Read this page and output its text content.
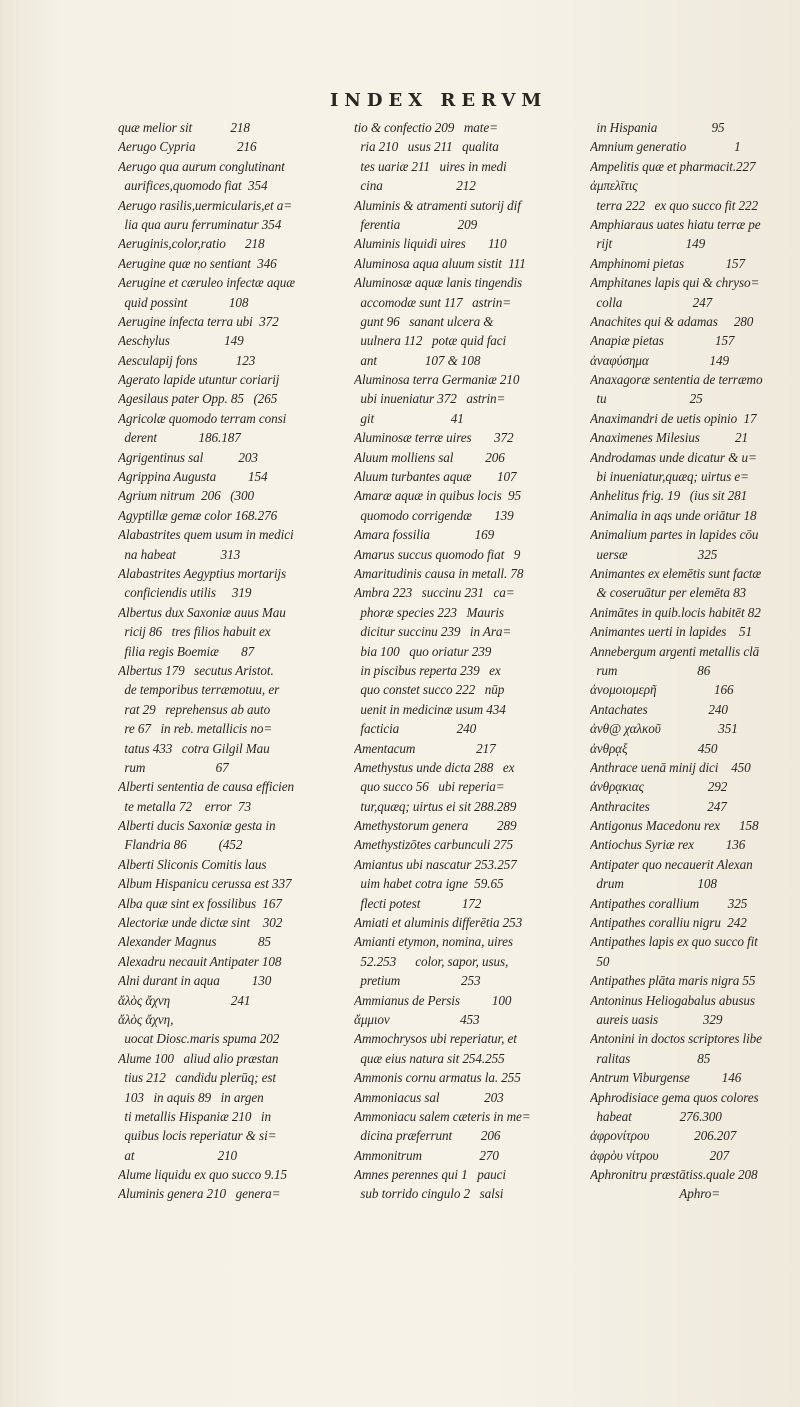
INDEX RERVM
quæ melior sit            218
Aerugo Cypria             216
Aerugo qua aurum conglutinant
aurifices,quomodo fiat  354
Aerugo rasilis,uermicularis,et a=
lia qua auru ferruminatur 354
Aeruginis,color,ratio      218
Aerugine quæ no sentiant  346
Aerugine et cæruleo infectæ aquæ
quid possint             108
Aerugine infecta terra ubi  372
Aeschylus                 149
Aesculapij fons            123
Agerato lapide utuntur coriarij
Agesilaus pater Opp. 85   (265
Agricolæ quomodo terram consi
derent             186.187
Agrigentinus sal           203
Agrippina Augusta          154
Agrium nitrum  206   (300
Agyptillæ gemæ color 168.276
Alabastrites quem usum in medici
na habeat              313
Alabastrites Aegyptius mortarijs
conficiendis utilis     319
Albertus dux Saxoniæ auus Mau
ricij 86   tres filios habuit ex
filia regis Boemiæ       87
Albertus 179   secutus Aristot.
de temporibus terræmotuu, er
rat 29   reprehensus ab auto
re 67   in reb. metallicis no=
tatus 433   cotra Gilgil Mau
rum                      67
Alberti sententia de causa efficien
te metalla 72    error  73
Alberti ducis Saxoniæ gesta in
Flandria 86          (452
Alberti Sliconis Comitis laus
Album Hispanicu cerussa est 337
Alba quæ sint ex fossilibus  167
Alectoriæ unde dictæ sint    302
Alexander Magnus             85
Alexadru necauit Antipater 108
Alni durant in aqua          130
ἄλὸς ἄχνη                   241
ἄλὸς ἄχνη,
uocat Diosc.maris spuma 202
Alume 100   aliud alio præstan
tius 212   candidu plerūq; est
103   in aquis 89   in argen
ti metallis Hispaniæ 210   in
quibus locis reperiatur & si=
at                          210
Alume liquidu ex quo succo 9.15
Aluminis genera 210   genera=
tio & confectio 209   mate=
ria 210   usus 211   qualita
tes uariæ 211   uires in medi
cina                       212
Aluminis & atramenti sutorij dif
ferentia                  209
Aluminis liquidi uires       110
Aluminosa aqua aluum sistit  111
Aluminosæ aquæ lanis tingendis
accomodæ sunt 117   astrin=
gunt 96   sanant ulcera &
uulnera 112   potæ quid faci
ant               107 & 108
Aluminosa terra Germaniæ 210
ubi inueniatur 372   astrin=
git                        41
Aluminosæ terræ uires       372
Aluum molliens sal          206
Aluum turbantes aquæ        107
Amaræ aquæ in quibus locis  95
quomodo corrigendæ       139
Amara fossilia              169
Amarus succus quomodo fiat   9
Amaritudinis causa in metall. 78
Ambra 223   succinu 231   ca=
phoræ species 223   Mauris
dicitur succinu 239   in Ara=
bia 100   quo oriatur 239
in piscibus reperta 239   ex
quo constet succo 222   nūp
uenit in medicinæ usum 434
facticia                  240
Amentacum                   217
Amethystus unde dicta 288   ex
quo succo 56   ubi reperia=
tur,quæq; uirtus ei sit 288.289
Amethystorum genera         289
Amethystizōtes carbunculi 275
Amiantus ubi nascatur 253.257
uim habet cotra igne  59.65
flecti potest             172
Amiati et aluminis differētia 253
Amianti etymon, nomina, uires
52.253      color, sapor, usus,
pretium                   253
Ammianus de Persis          100
ἄμμιον                      453
Ammochrysos ubi reperiatur, et
quæ eius natura sit 254.255
Ammonis cornu armatus la. 255
Ammoniacus sal              203
Ammoniacu salem cæteris in me=
dicina præferrunt         206
Ammonitrum                  270
Amnes perennes qui 1   pauci
sub torrido cingulo 2   salsi
in Hispania                 95
Amnium generatio               1
Ampelitis quæ et pharmacit.227
ἀμπελῖτις
terra 222   ex quo succo fit 222
Amphiaraus uates hiatu terræ pe
rijt                       149
Amphinomi pietas             157
Amphitanes lapis qui & chryso=
colla                      247
Anachites qui & adamas     280
Anapiæ pietas                157
ἀναφύσημα                   149
Anaxagoræ sententia de terræmo
tu                          25
Anaximandri de uetis opinio  17
Anaximenes Milesius           21
Androdamas unde dicatur & u=
bi inueniatur,quæq; uirtus e=
Anhelitus frig. 19   (ius sit 281
Animalia in aqs unde oriātur 18
Animalium partes in lapides cōu
uersæ                      325
Animantes ex elemētis sunt factæ
& coseruātur per elemēta 83
Animātes in quib.locis habitēt 82
Animantes uerti in lapides    51
Annebergum argenti metallis clā
rum                         86
ἀνομοιομερῆ                  166
Antachates                   240
ἀνθ@ χαλκοῦ                  351
ἀνθρᾳξ                      450
Anthrace uenā minij dici    450
ἀνθρᾳκιας                    292
Anthracites                  247
Antigonus Macedonu rex      158
Antiochus Syriæ rex          136
Antipater quo necauerit Alexan
drum                       108
Antipathes corallium         325
Antipathes coralliu nigru  242
Antipathes lapis ex quo succo fit
50
Antipathes plāta maris nigra 55
Antoninus Heliogabalus abusus
aureis uasis              329
Antonini in doctos scriptores libe
ralitas                     85
Antrum Viburgense          146
Aphrodisiace gema quos colores
habeat               276.300
ἀφρονίτρου              206.207
ἀφρὸυ νίτρου                207
Aphronitru præstātiss.quale 208
Aphro=
